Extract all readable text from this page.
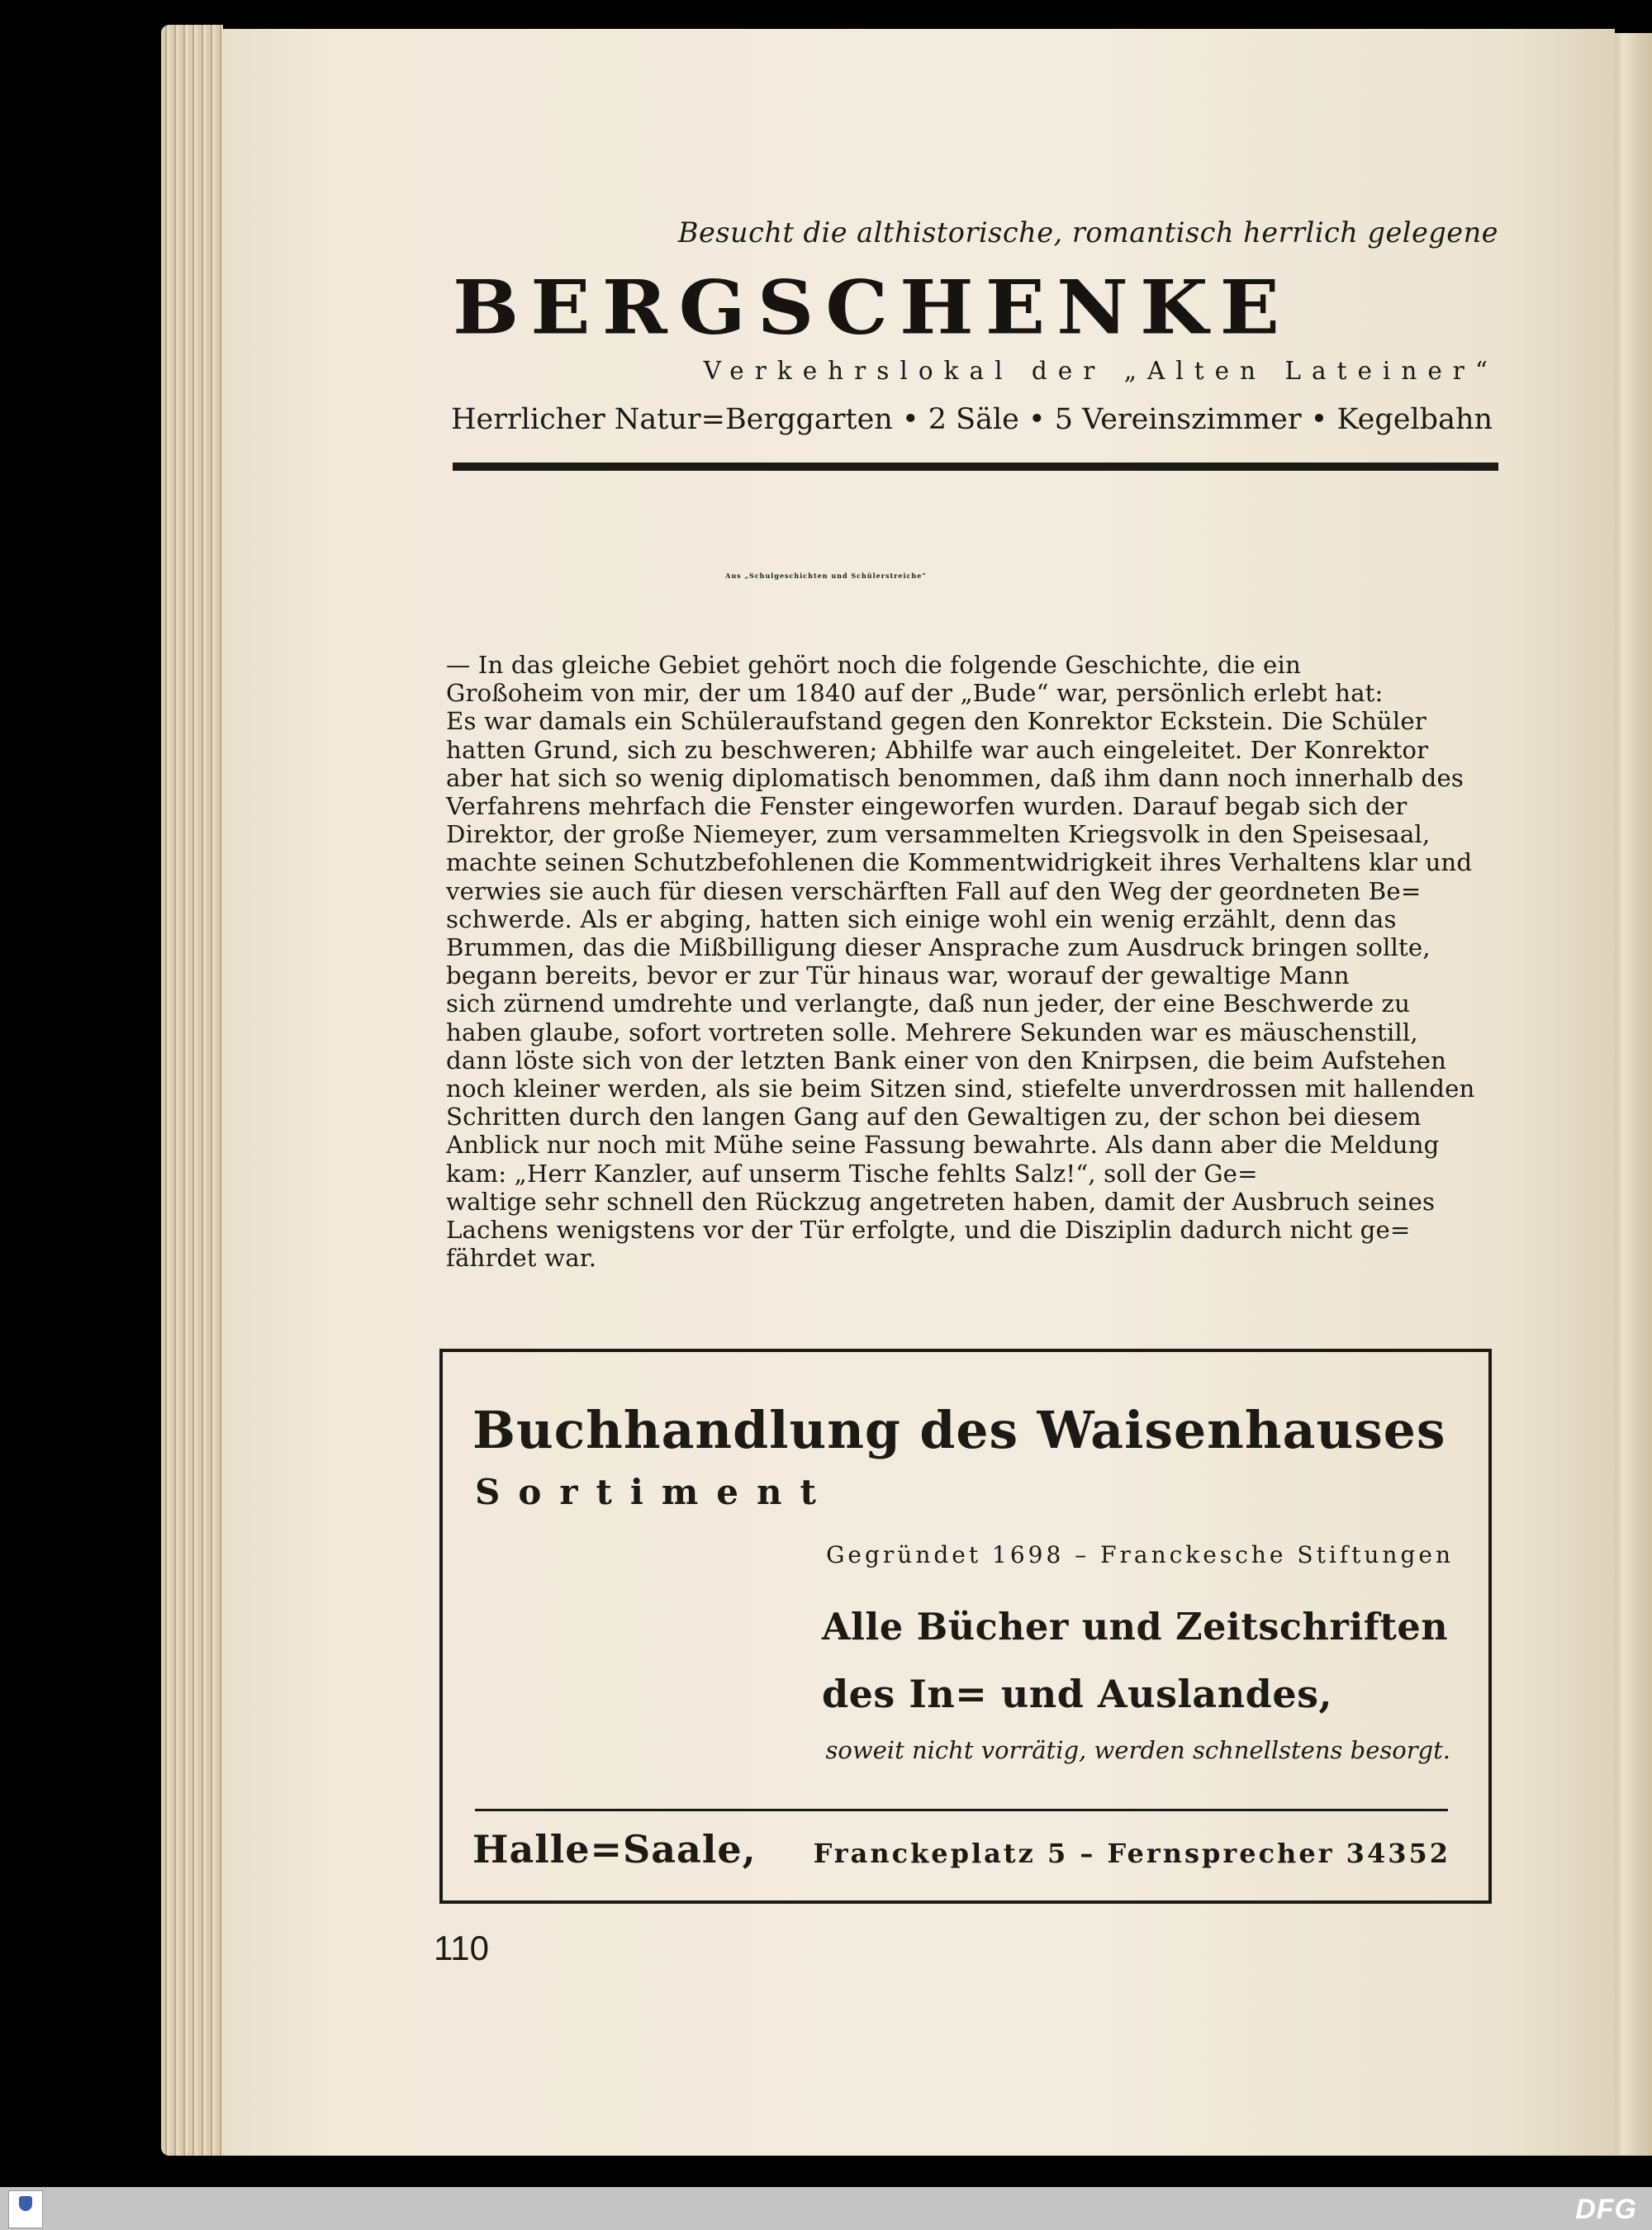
Besucht die althistorische, romantisch herrlich gelegene
BERGSCHENKE
Verkehrslokal der „Alten Lateiner“
Herrlicher Natur=Berggarten • 2 Säle • 5 Vereinszimmer • Kegelbahn
Aus „Schulgeschichten und Schülerstreiche“
— In das gleiche Gebiet gehört noch die folgende Geschichte, die ein
Großoheim von mir, der um 1840 auf der „Bude“ war, persönlich erlebt hat:
Es war damals ein Schüleraufstand gegen den Konrektor Eckstein. Die Schüler
hatten Grund, sich zu beschweren; Abhilfe war auch eingeleitet. Der Konrektor
aber hat sich so wenig diplomatisch benommen, daß ihm dann noch innerhalb des
Verfahrens mehrfach die Fenster eingeworfen wurden. Darauf begab sich der
Direktor, der große Niemeyer, zum versammelten Kriegsvolk in den Speisesaal,
machte seinen Schutzbefohlenen die Kommentwidrigkeit ihres Verhaltens klar und
verwies sie auch für diesen verschärften Fall auf den Weg der geordneten Be=
schwerde. Als er abging, hatten sich einige wohl ein wenig erzählt, denn das
Brummen, das die Mißbilligung dieser Ansprache zum Ausdruck bringen sollte,
begann bereits, bevor er zur Tür hinaus war, worauf der gewaltige Mann
sich zürnend umdrehte und verlangte, daß nun jeder, der eine Beschwerde zu
haben glaube, sofort vortreten solle. Mehrere Sekunden war es mäuschenstill,
dann löste sich von der letzten Bank einer von den Knirpsen, die beim Aufstehen
noch kleiner werden, als sie beim Sitzen sind, stiefelte unverdrossen mit hallenden
Schritten durch den langen Gang auf den Gewaltigen zu, der schon bei diesem
Anblick nur noch mit Mühe seine Fassung bewahrte. Als dann aber die Meldung
kam: „Herr Kanzler, auf unserm Tische fehlts Salz!“, soll der Ge=
waltige sehr schnell den Rückzug angetreten haben, damit der Ausbruch seines
Lachens wenigstens vor der Tür erfolgte, und die Disziplin dadurch nicht ge=
fährdet war.
Buchhandlung des Waisenhauses
Sortiment
Gegründet 1698 – Franckesche Stiftungen
Alle Bücher und Zeitschriften
des In= und Auslandes,
soweit nicht vorrätig, werden schnellstens besorgt.
Halle=Saale, Franckeplatz 5 – Fernsprecher 34352
110
DFG
